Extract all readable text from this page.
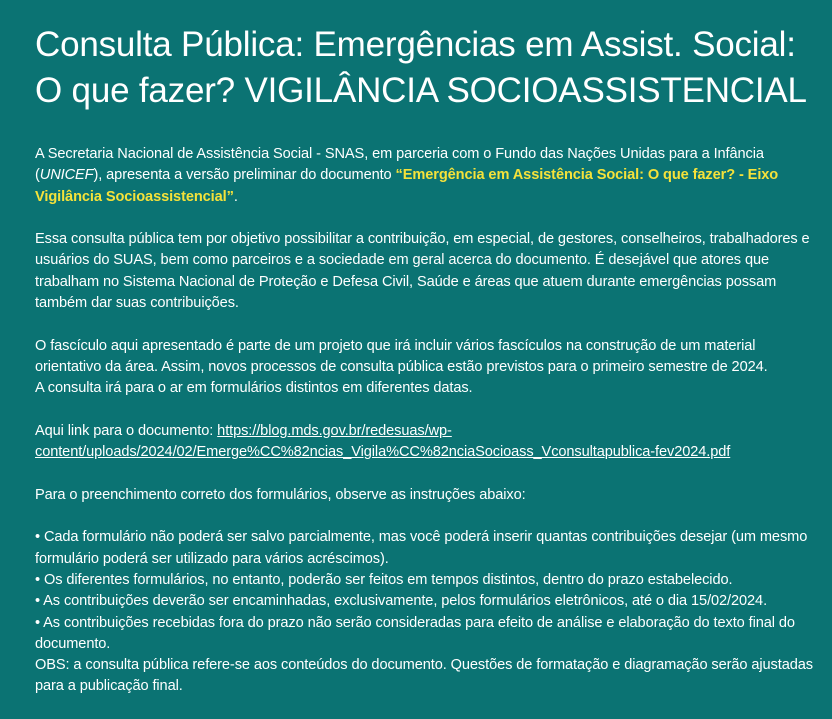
Consulta Pública: Emergências em Assist. Social:
O que fazer? VIGILÂNCIA SOCIOASSISTENCIAL

A Secretaria Nacional de Assistência Social - SNAS, em parceria com o Fundo das Nações Unidas para a Infância (UNICEF), apresenta a versão preliminar do documento “Emergência em Assistência Social: O que fazer? - Eixo Vigilância Socioassistencial”.

Essa consulta pública tem por objetivo possibilitar a contribuição, em especial, de gestores, conselheiros, trabalhadores e usuários do SUAS, bem como parceiros e a sociedade em geral acerca do documento. É desejável que atores que trabalham no Sistema Nacional de Proteção e Defesa Civil, Saúde e áreas que atuem durante emergências possam também dar suas contribuições.

O fascículo aqui apresentado é parte de um projeto que irá incluir vários fascículos na construção de um material orientativo da área. Assim, novos processos de consulta pública estão previstos para o primeiro semestre de 2024.

A consulta irá para o ar em formulários distintos em diferentes datas.

Aqui link para o documento: https://blog.mds.gov.br/redesuas/wp-content/uploads/2024/02/Emerge%CC%82ncias_Vigila%CC%82nciaSocioass_Vconsultapublica-fev2024.pdf

Para o preenchimento correto dos formulários, observe as instruções abaixo:

• Cada formulário não poderá ser salvo parcialmente, mas você poderá inserir quantas contribuições desejar (um mesmo formulário poderá ser utilizado para vários acréscimos).

• Os diferentes formulários, no entanto, poderão ser feitos em tempos distintos, dentro do prazo estabelecido.

• As contribuições deverão ser encaminhadas, exclusivamente, pelos formulários eletrônicos, até o dia 15/02/2024.

• As contribuições recebidas fora do prazo não serão consideradas para efeito de análise e elaboração do texto final do documento.

OBS: a consulta pública refere-se aos conteúdos do documento. Questões de formatação e diagramação serão ajustadas para a publicação final.
